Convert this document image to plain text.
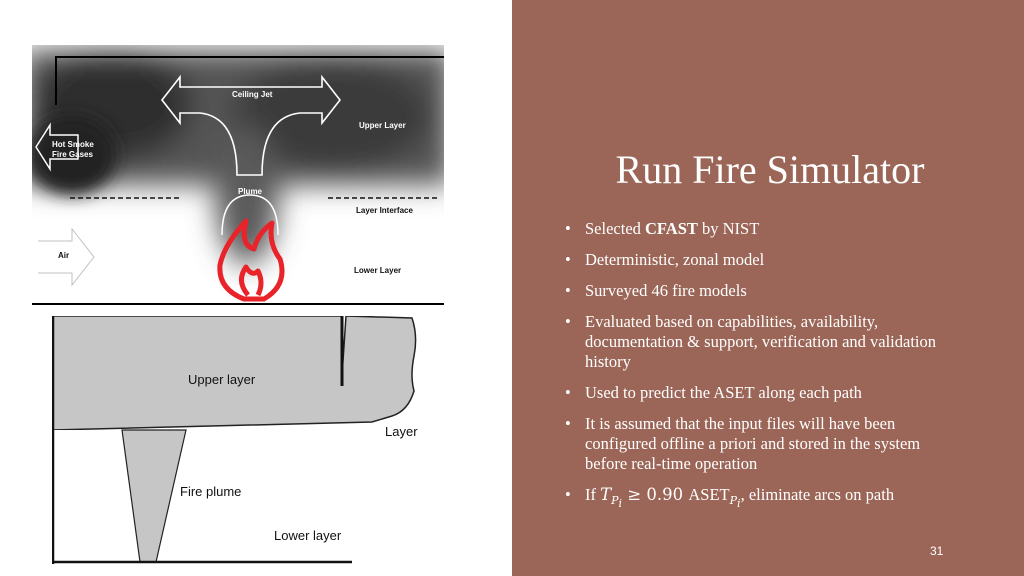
Ceiling Jet
Hot Smoke
Fire Gases
Upper Layer
Plume
Layer Interface
Air
Lower Layer
Upper layer
Layer
Fire plume
Lower layer
Run Fire Simulator
• Selected CFAST by NIST
• Deterministic, zonal model
• Surveyed 46 fire models
• Evaluated based on capabilities, availability, documentation & support, verification and validation history
• Used to predict the ASET along each path
• It is assumed that the input files will have been configured offline a priori and stored in the system before real-time operation
• If $T_{P_i} \ge 0.90$ $ASET_{P_i}$, eliminate arcs on path
31
